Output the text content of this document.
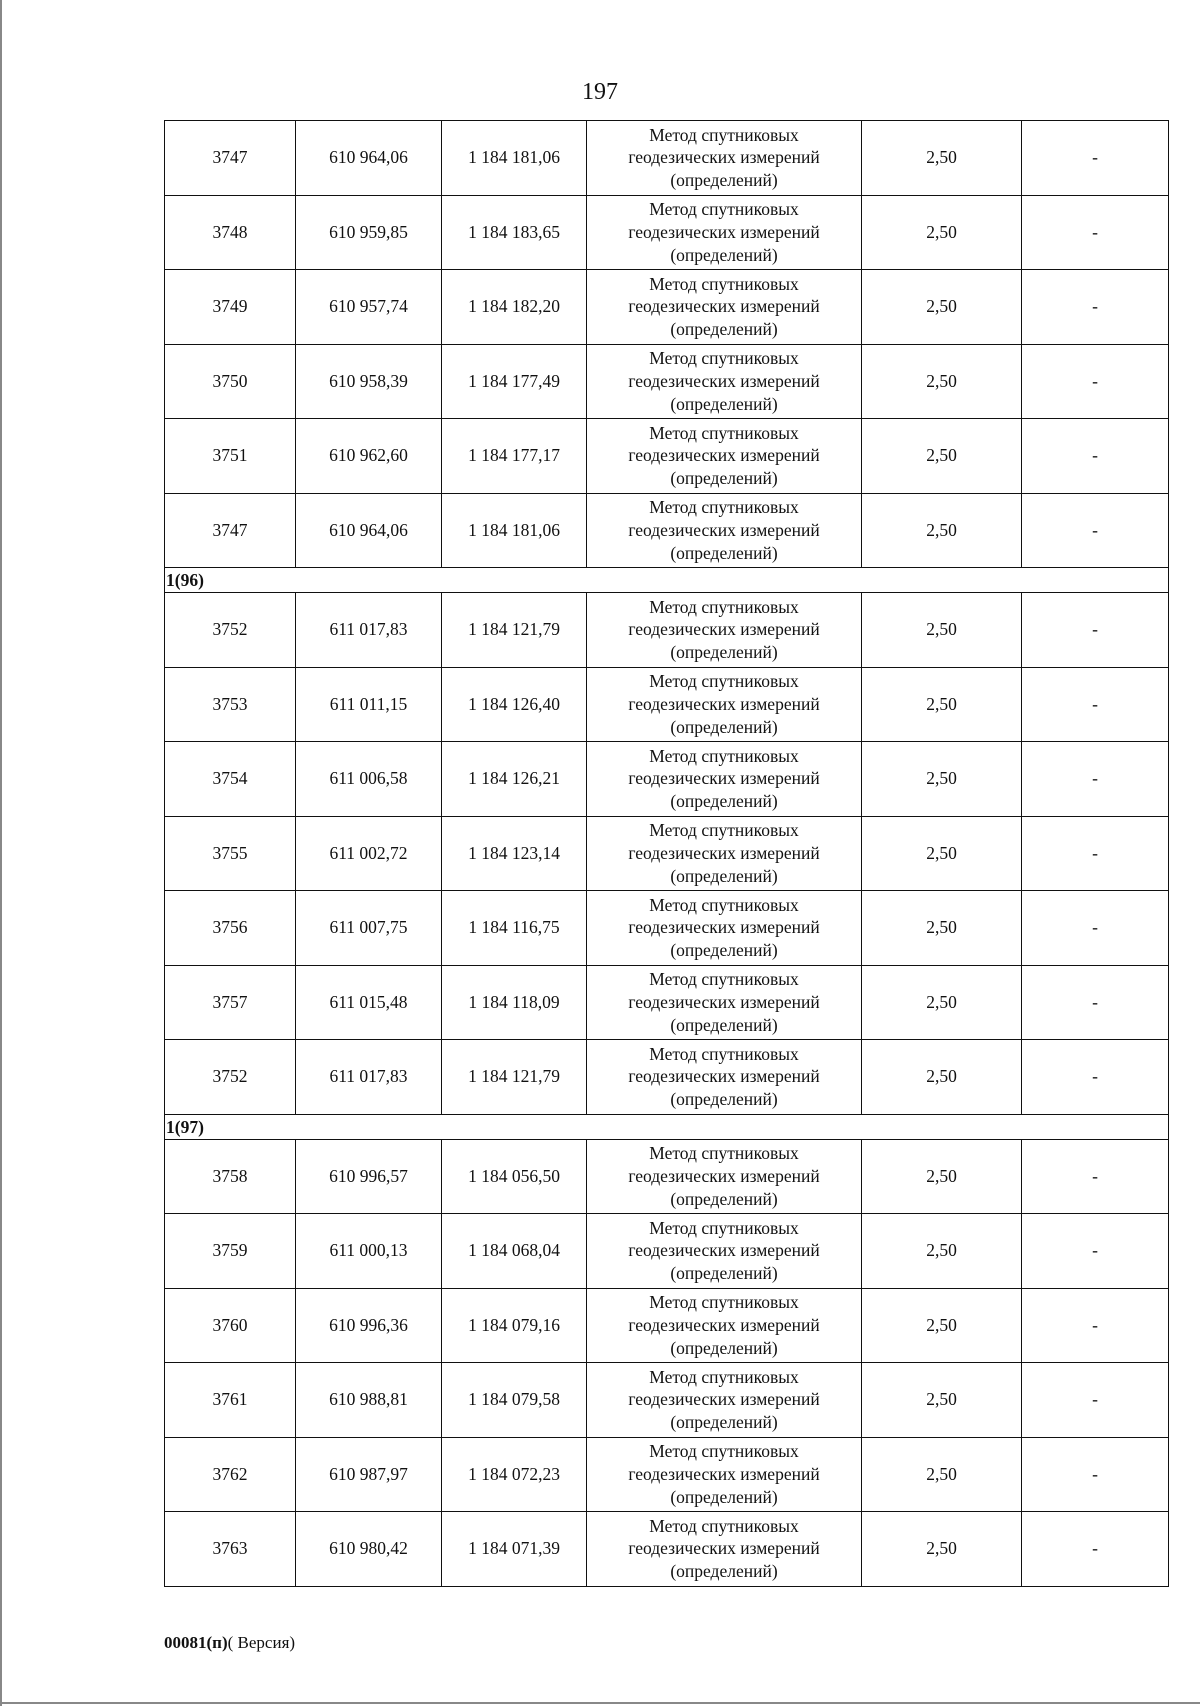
197
3747	610 964,06	1 184 181,06	Метод спутниковых
геодезических измерений
(определений)	2,50	-
3748	610 959,85	1 184 183,65	Метод спутниковых
геодезических измерений
(определений)	2,50	-
3749	610 957,74	1 184 182,20	Метод спутниковых
геодезических измерений
(определений)	2,50	-
3750	610 958,39	1 184 177,49	Метод спутниковых
геодезических измерений
(определений)	2,50	-
3751	610 962,60	1 184 177,17	Метод спутниковых
геодезических измерений
(определений)	2,50	-
3747	610 964,06	1 184 181,06	Метод спутниковых
геодезических измерений
(определений)	2,50	-
1(96)					
3752	611 017,83	1 184 121,79	Метод спутниковых
геодезических измерений
(определений)	2,50	-
3753	611 011,15	1 184 126,40	Метод спутниковых
геодезических измерений
(определений)	2,50	-
3754	611 006,58	1 184 126,21	Метод спутниковых
геодезических измерений
(определений)	2,50	-
3755	611 002,72	1 184 123,14	Метод спутниковых
геодезических измерений
(определений)	2,50	-
3756	611 007,75	1 184 116,75	Метод спутниковых
геодезических измерений
(определений)	2,50	-
3757	611 015,48	1 184 118,09	Метод спутниковых
геодезических измерений
(определений)	2,50	-
3752	611 017,83	1 184 121,79	Метод спутниковых
геодезических измерений
(определений)	2,50	-
1(97)					
3758	610 996,57	1 184 056,50	Метод спутниковых
геодезических измерений
(определений)	2,50	-
3759	611 000,13	1 184 068,04	Метод спутниковых
геодезических измерений
(определений)	2,50	-
3760	610 996,36	1 184 079,16	Метод спутниковых
геодезических измерений
(определений)	2,50	-
3761	610 988,81	1 184 079,58	Метод спутниковых
геодезических измерений
(определений)	2,50	-
3762	610 987,97	1 184 072,23	Метод спутниковых
геодезических измерений
(определений)	2,50	-
3763	610 980,42	1 184 071,39	Метод спутниковых
геодезических измерений
(определений)	2,50	-
00081(п)( Версия)
